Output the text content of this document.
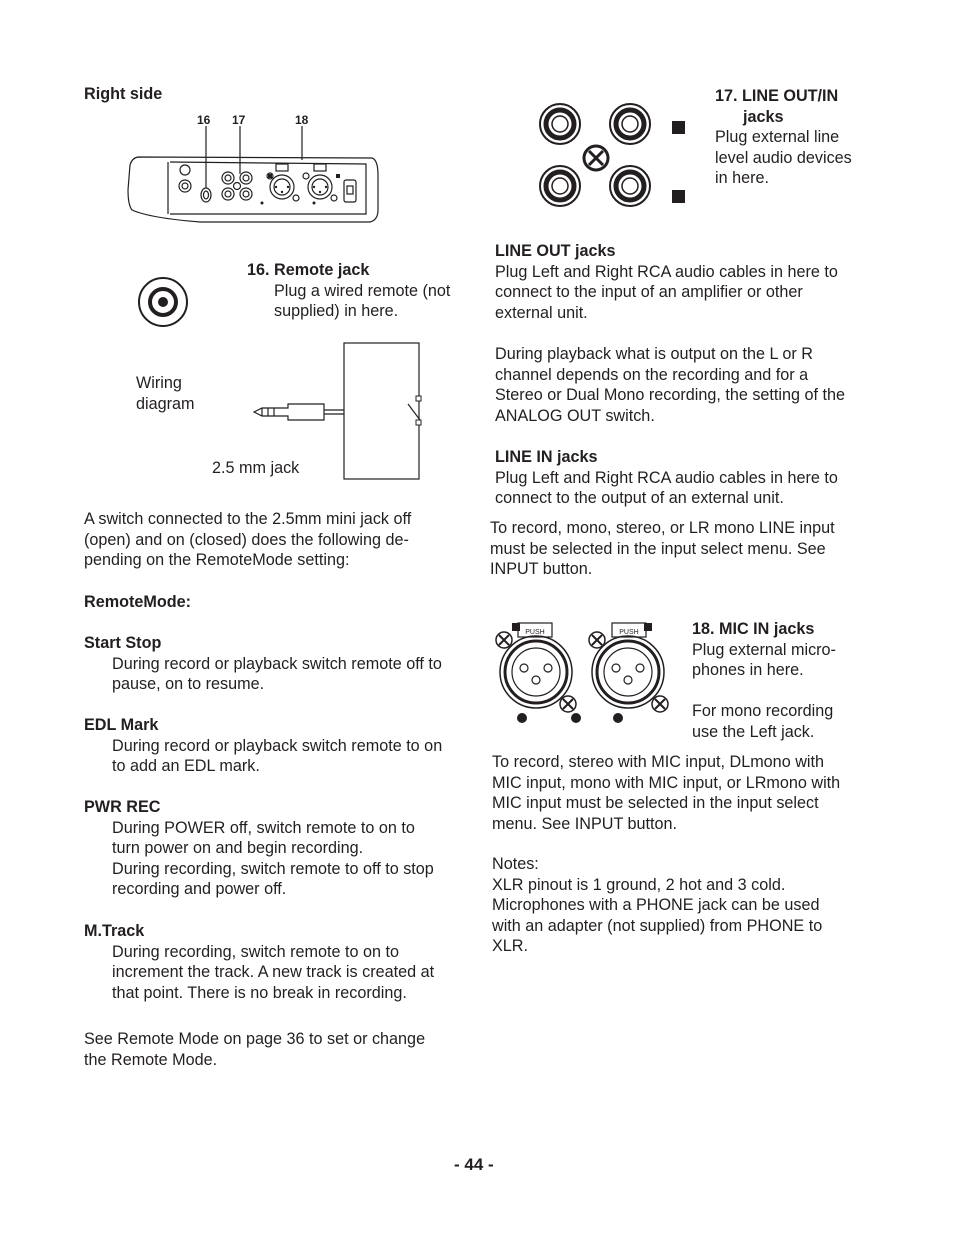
Right side
16 17	18
16. Remote jack
Plug a wired remote (not
supplied) in here.
Wiring
diagram
2.5 mm jack
A switch connected to the 2.5mm mini jack off
(open) and on (closed) does the following de-
pending on the RemoteMode setting:
RemoteMode:
Start Stop
During record or playback switch remote off to
pause, on to resume.
EDL Mark
During record or playback switch remote to on
to add an EDL mark.
PWR REC
During POWER off, switch remote to on to
turn power on and begin recording.
During recording, switch remote to off to stop
recording and power off.
M.Track
During recording, switch remote to on to
increment the track. A new track is created at
that point. There is no break in recording.
See Remote Mode on page 36 to set or change
the Remote Mode.
17. LINE OUT/IN
jacks
Plug external line
level audio devices
in here.
LINE OUT jacks
Plug Left and Right RCA audio cables in here to
connect to the input of an amplifier or other
external unit.
During playback what is output on the L or R
channel depends on the recording and for a
Stereo or Dual Mono recording, the setting of the
ANALOG OUT switch.
LINE IN jacks
Plug Left and Right RCA audio cables in here to
connect to the output of an external unit.
To record, mono, stereo, or LR mono LINE input
must be selected in the input select menu. See
INPUT button.
PUSH	PUSH	18. MIC IN jacks
Plug external micro-
phones in here.
For mono recording
use the Left jack.
To record, stereo with MIC input, DLmono with
MIC input, mono with MIC input, or LRmono with
MIC input must be selected in the input select
menu. See INPUT button.
Notes:
XLR pinout is 1 ground, 2 hot and 3 cold.
Microphones with a PHONE jack can be used
with an adapter (not supplied) from PHONE to
XLR.
- 44 -
